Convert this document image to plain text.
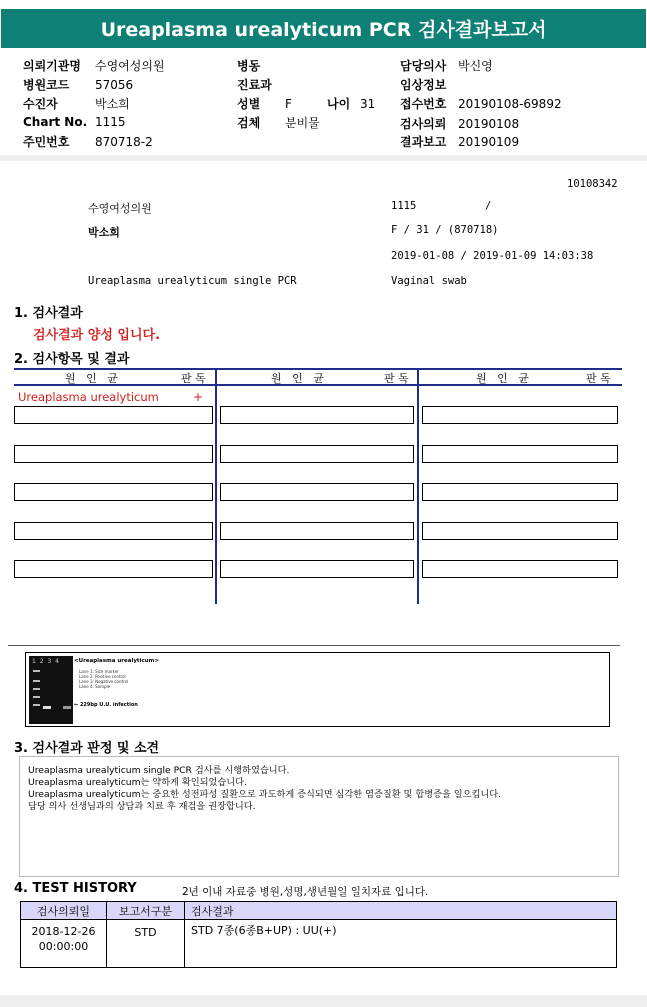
Ureaplasma urealyticum PCR 검사결과보고서
의뢰기관명 수영여성의원	병동	담당의사 박신영
병원코드 57056	진료과	임상정보
수진자	박소희	성별 F	나이 31 접수번호 20190108-69892
Chart No. 1115	검체 분비물	검사의뢰 20190108
주민번호 870718-2	결과보고 20190109
10108342
수영여성의원	1115	/
박소희	F / 31 / (870718)
2019-01-08 / 2019-01-09 14:03:38
Ureaplasma urealyticum single PCR	Vaginal swab
1. 검사결과
검사결과 양성 입니다.
2. 검사항목 및 결과
원   인   균	판 독	원   인   균	판 독	원   인   균	판 독
Ureaplasma urealyticum	+
1 2 3 4	<Ureaplasma urealyticum>
Lane 1: Size marker
Lane 2: Positive control
Lane 3: Negative control
Lane 4: Sample
← 229bp U.U. infection
3. 검사결과 판정 및 소견
Ureaplasma urealyticum single PCR 검사를 시행하였습니다.
Ureaplasma urealyticum는 약하게 확인되었습니다.
Ureaplasma urealyticum는 중요한 성전파성 질환으로 과도하게 증식되면 심각한 염증질환 및 합병증을 일으킵니다.
담당 의사 선생님과의 상담과 치료 후 재검을 권장합니다.
4. TEST HISTORY	2년 이내 자료중 병원,성명,생년월일 일치자료 입니다.
검사의뢰일	보고서구분	검사결과

2018-12-26
00:00:00	STD	STD 7종(6종B+UP) : UU(+)
